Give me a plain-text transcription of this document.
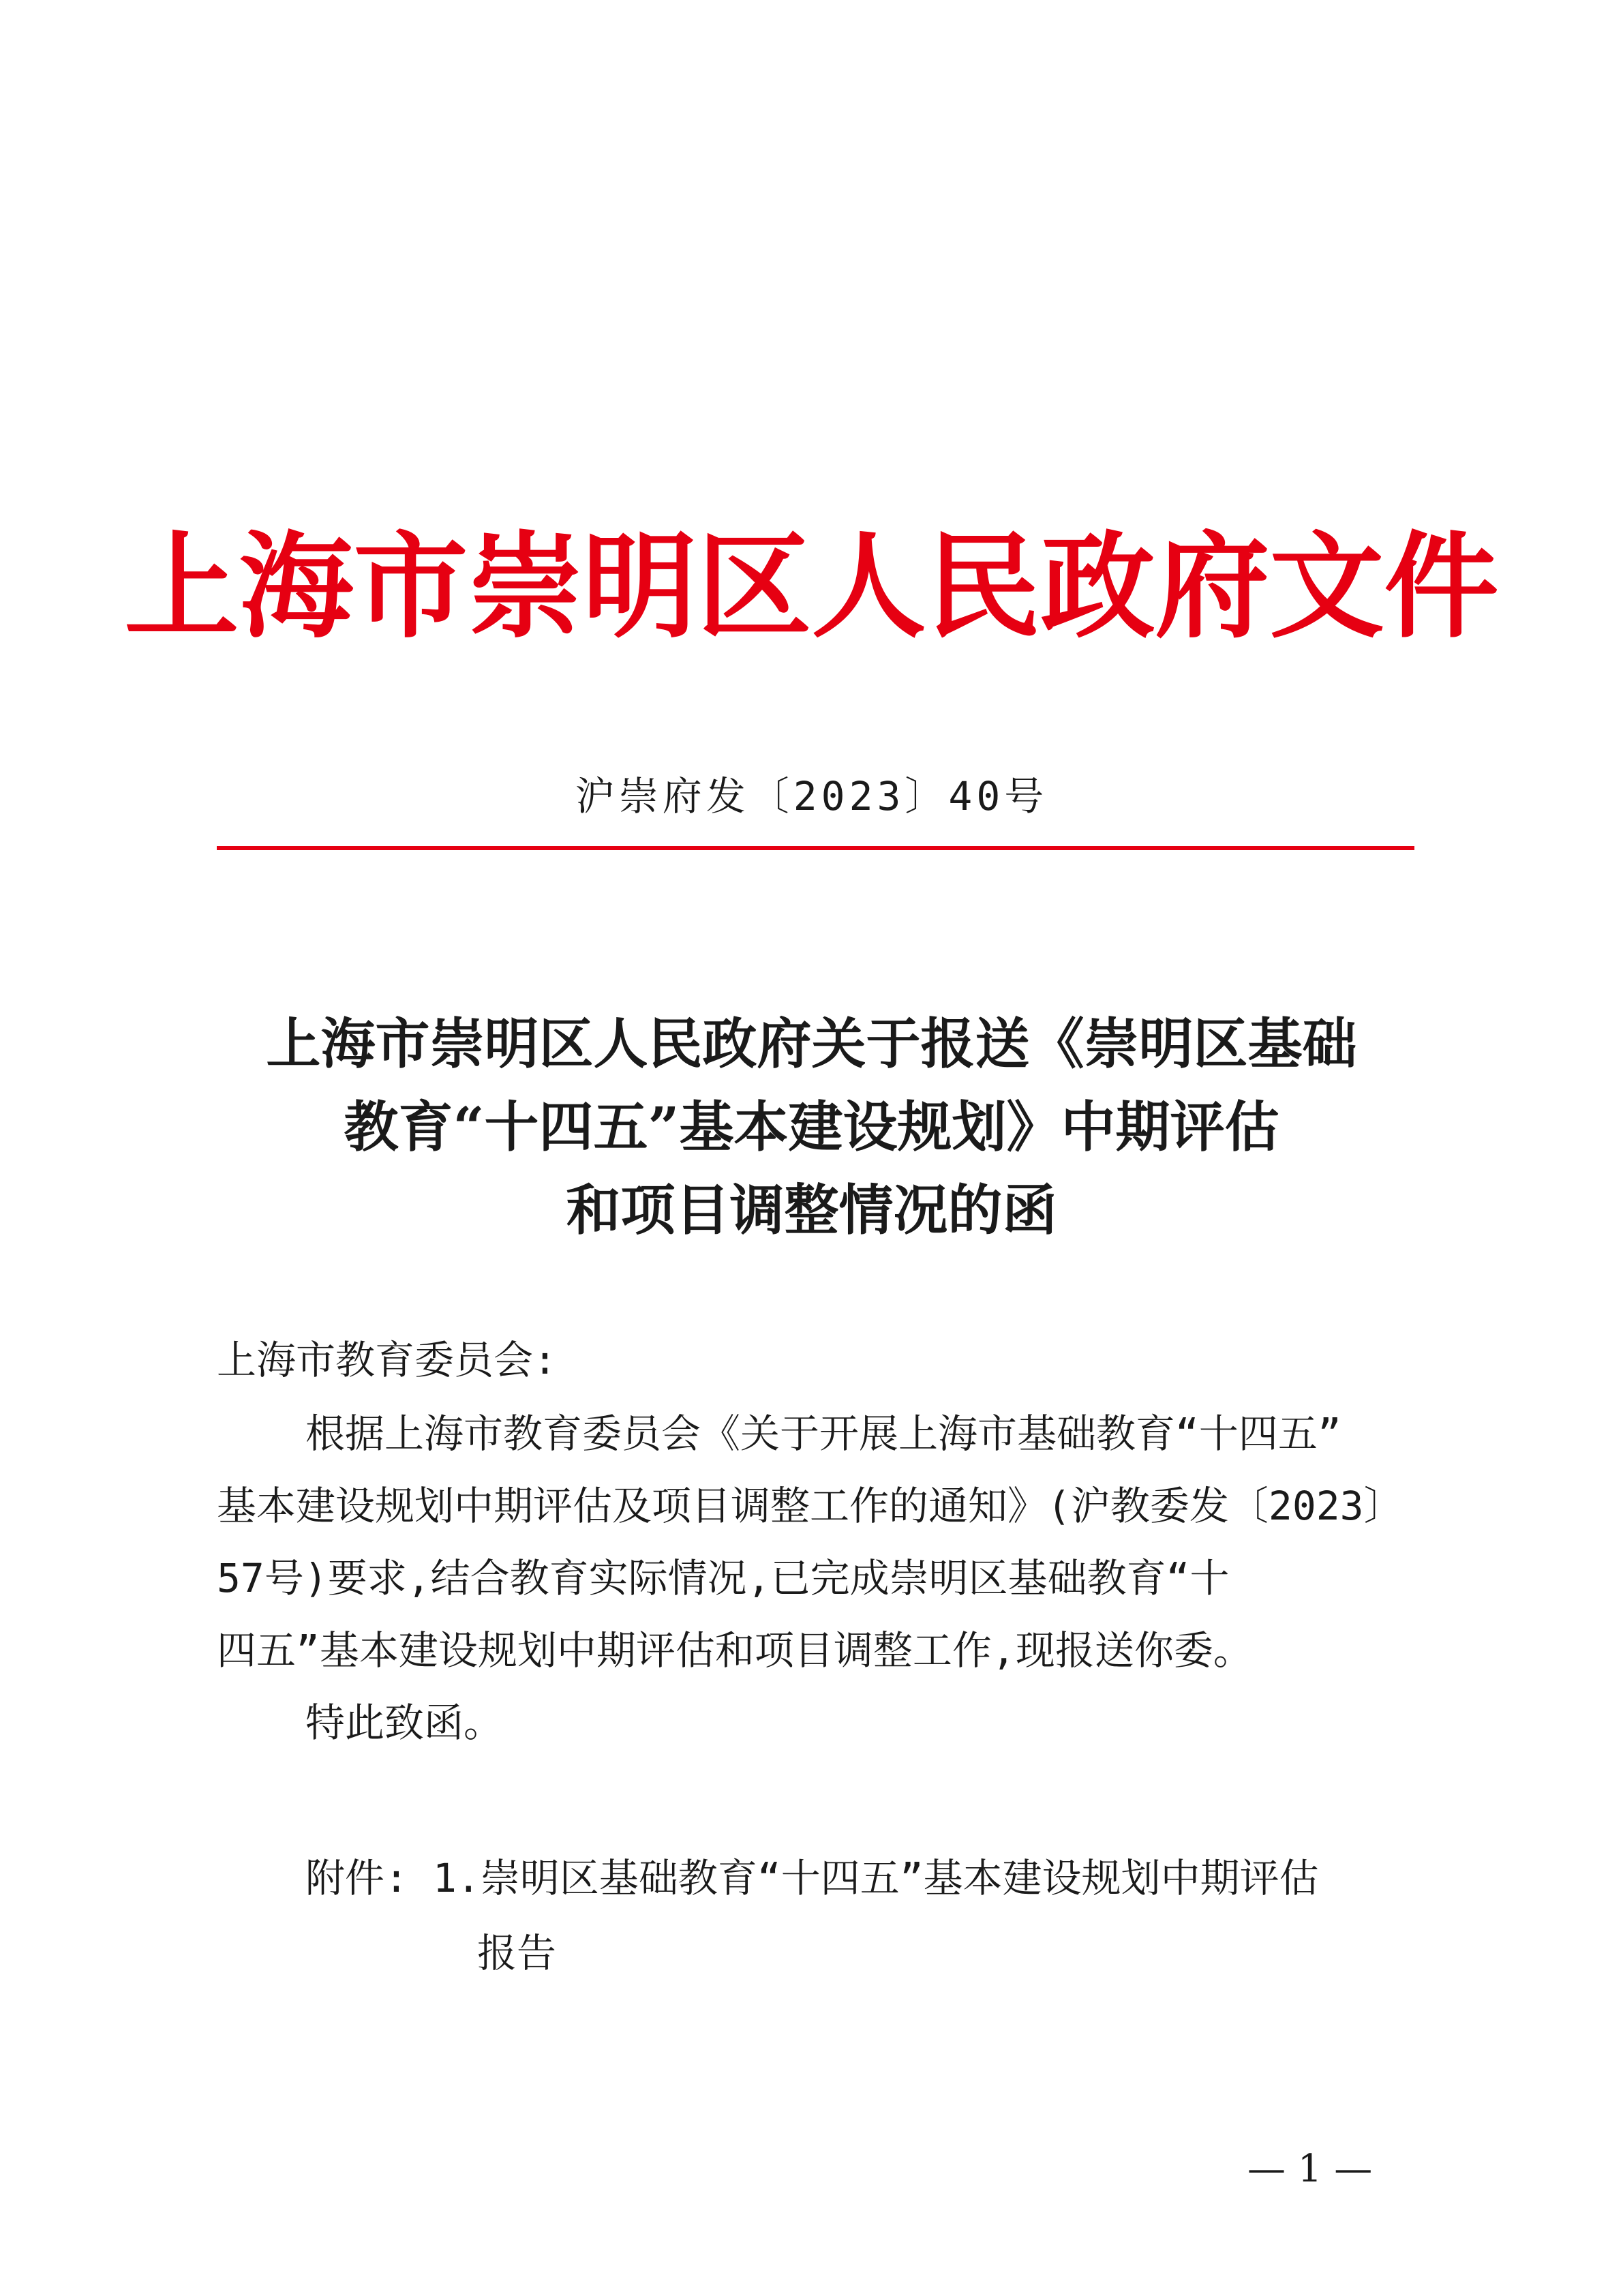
上海市崇明区人民政府文件
沪崇府发〔2023〕40号
上海市崇明区人民政府关于报送《崇明区基础
教育“十四五”基本建设规划》中期评估
和项目调整情况的函
上海市教育委员会:
根据上海市教育委员会《关于开展上海市基础教育“十四五”
基本建设规划中期评估及项目调整工作的通知》(沪教委发〔2023〕
57号)要求,结合教育实际情况,已完成崇明区基础教育“十
四五”基本建设规划中期评估和项目调整工作,现报送你委。
特此致函。
附件: 1.崇明区基础教育“十四五”基本建设规划中期评估
报告
— 1 —
